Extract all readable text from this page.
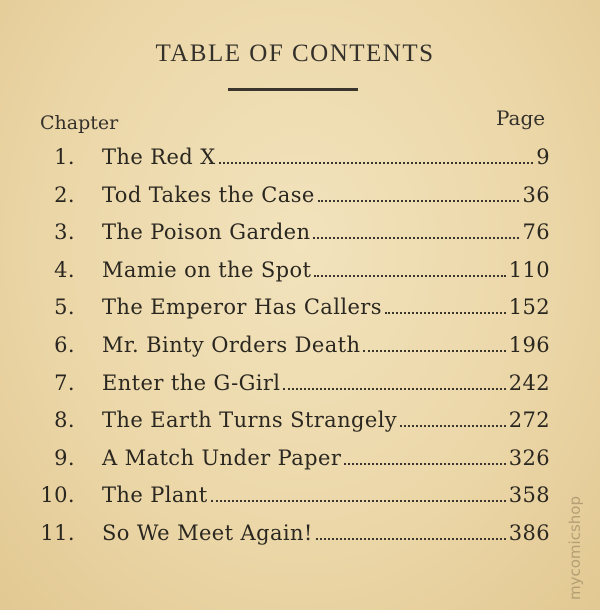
TABLE OF CONTENTS
Chapter	Page
1. The Red X	9
2. Tod Takes the Case	36
3. The Poison Garden	76
4. Mamie on the Spot	110
5. The Emperor Has Callers	152
6. Mr. Binty Orders Death	196
7. Enter the G-Girl	242
8. The Earth Turns Strangely	272
9. A Match Under Paper	326
10. The Plant	358
11. So We Meet Again!	386 mycomicshop
